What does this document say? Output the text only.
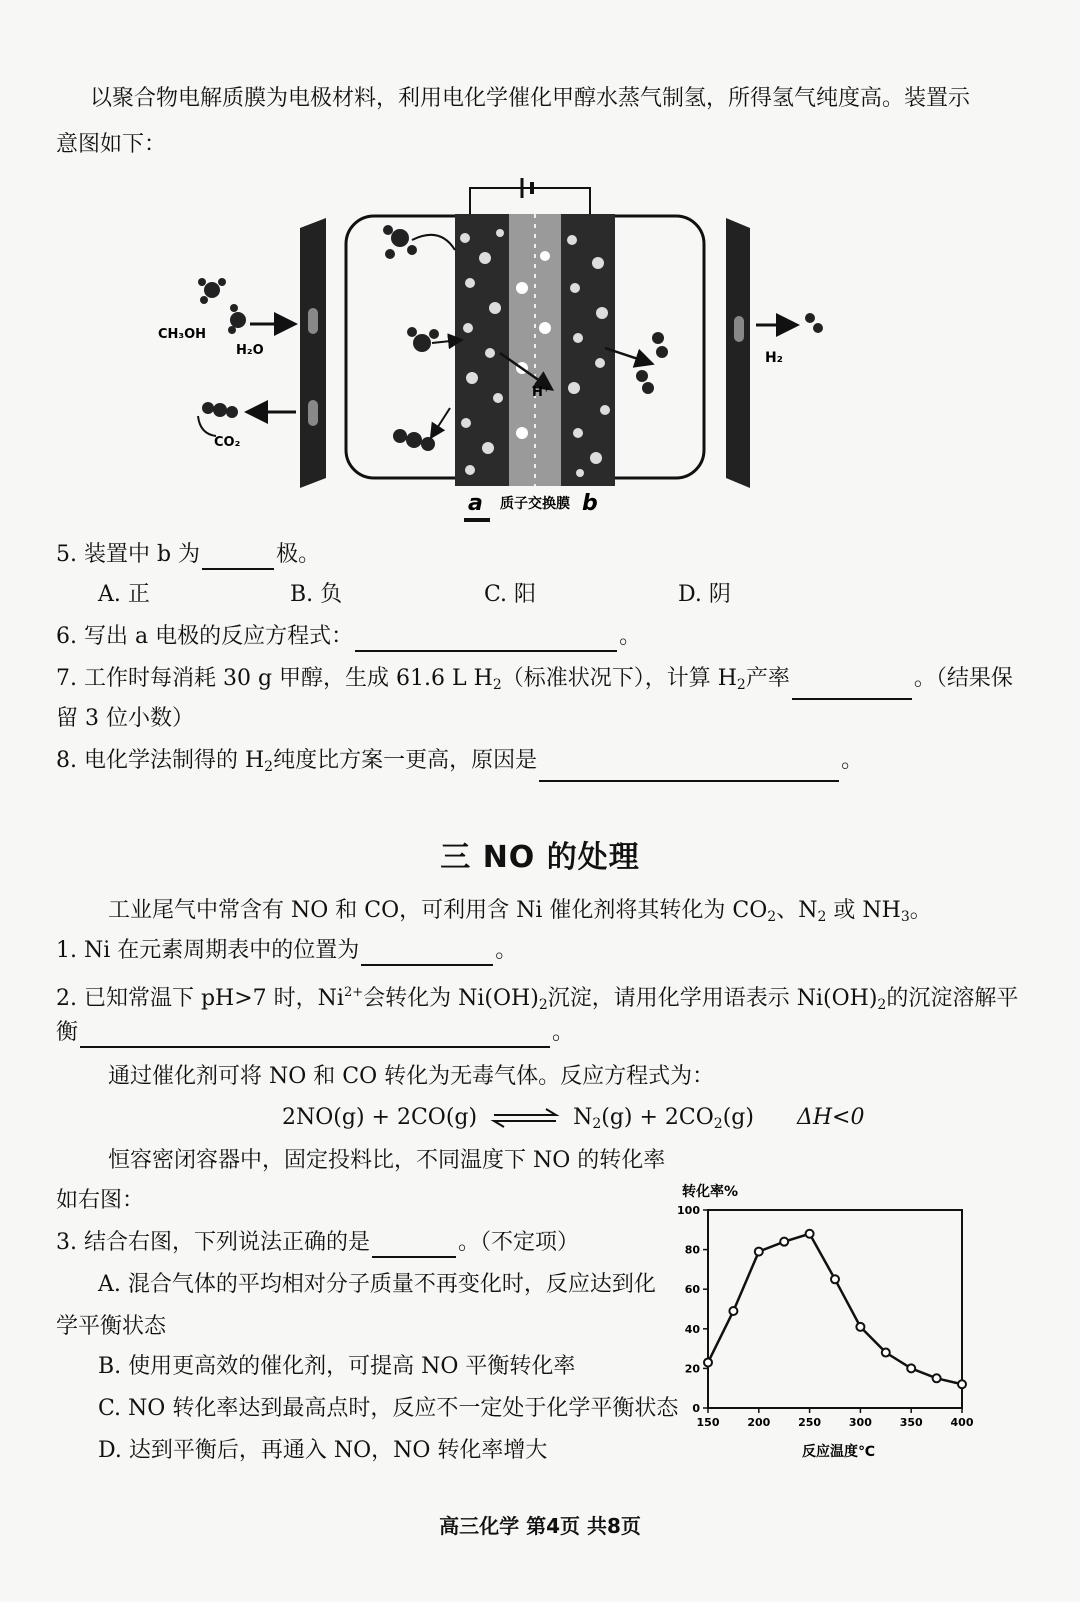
以聚合物电解质膜为电极材料，利用电化学催化甲醇水蒸气制氢，所得氢气纯度高。装置示
意图如下：
H⁺
CH₃OH
H₂O
CO₂
H₂
a 质子交换膜 b
5. 装置中 b 为	极。
A. 正	B. 负	C. 阳	D. 阴
6. 写出 a 电极的反应方程式：	。
7. 工作时每消耗 30 g 甲醇，生成 61.6 L $H_2$（标准状况下），计算 $H_2$产率	。（结果保
留 3 位小数）
8. 电化学法制得的 $H_2$纯度比方案一更高，原因是	。
三 NO 的处理
工业尾气中常含有 NO 和 CO，可利用含 Ni 催化剂将其转化为 $CO_2$、$N_2$ 或 $NH_3$。
1. Ni 在元素周期表中的位置为	。
2. 已知常温下 pH>7 时，$Ni^{2+}$会转化为 $Ni(OH)_2$沉淀，请用化学用语表示 $Ni(OH)_2$的沉淀溶解平
衡	。
通过催化剂可将 NO 和 CO 转化为无毒气体。反应方程式为：
2NO(g) + 2CO(g) ⇌ $N_2(g) + 2CO_2(g)$ ΔH<0
恒容密闭容器中，固定投料比，不同温度下 NO 的转化率
如右图：
3. 结合右图，下列说法正确的是	。（不定项）
A. 混合气体的平均相对分子质量不再变化时，反应达到化
学平衡状态
B. 使用更高效的催化剂，可提高 NO 平衡转化率
C. NO 转化率达到最高点时，反应不一定处于化学平衡状态
D. 达到平衡后，再通入 NO，NO 转化率增大
转化率%
反应温度℃
0
20
40
60
80
100
150	200	250	300	350	400
高三化学 第4页 共8页
